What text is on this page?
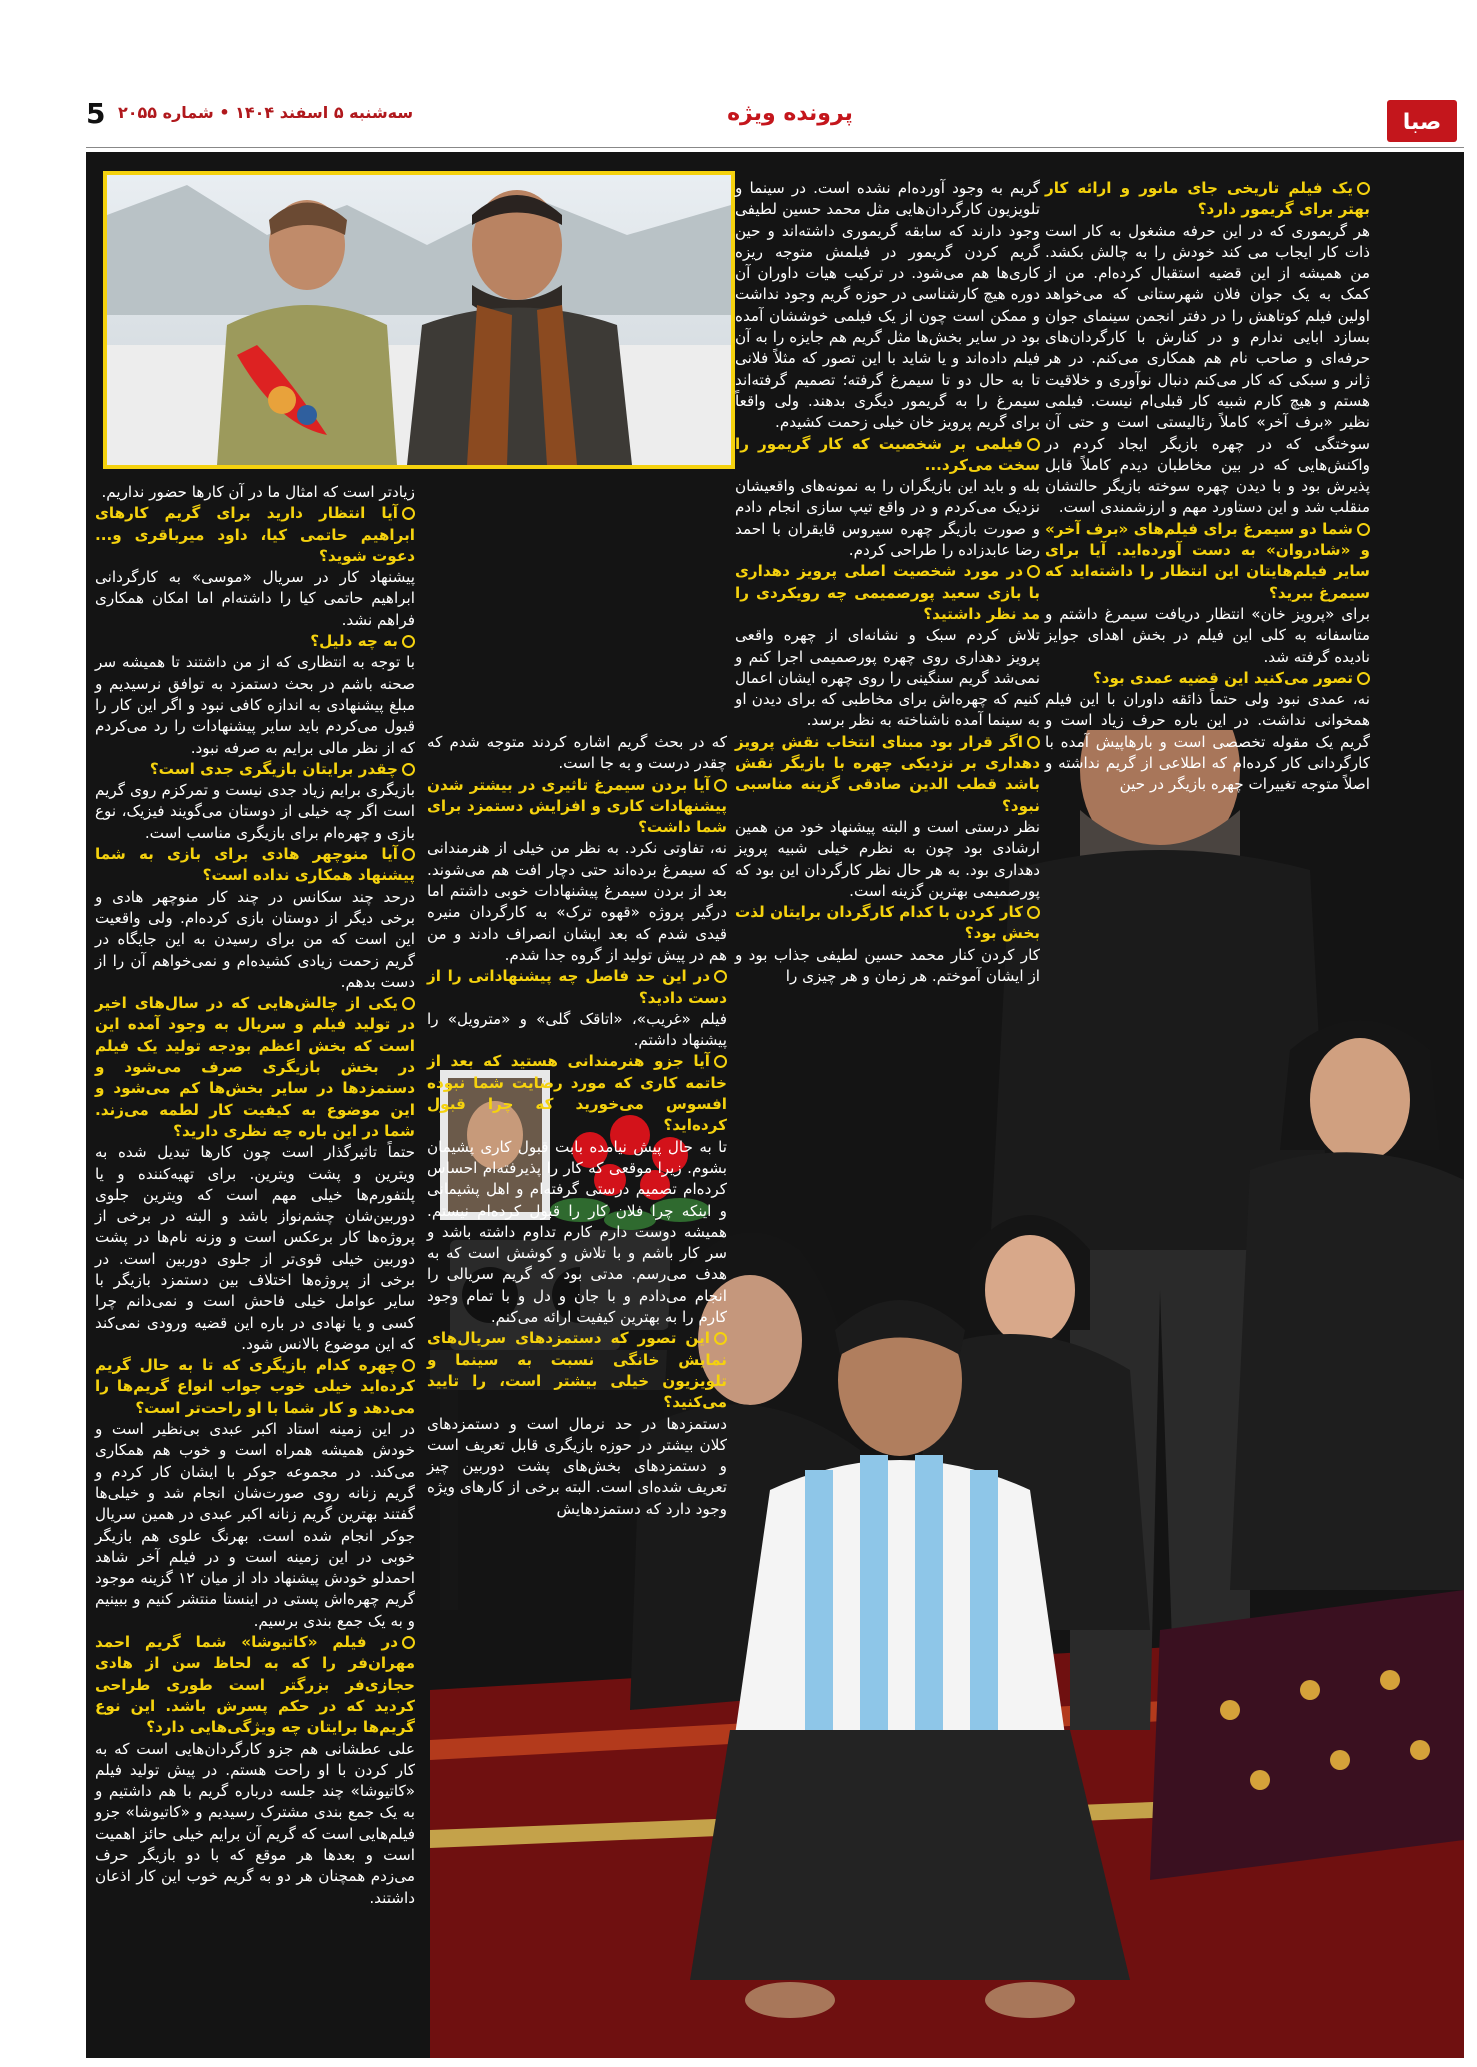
صبا
پرونده ویژه
سه‌شنبه ۵ اسفند ۱۴۰۴ • شماره ۲۰۵۵
5

یک فیلم تاریخی جای مانور و ارائه کار بهتر برای گریمور دارد؟

هر گریموری که در این حرفه مشغول به کار است ذات کار ایجاب می کند خودش را به چالش بکشد. من همیشه از این قضیه استقبال کرده‌ام. من از کمک به یک جوان فلان شهرستانی که می‌خواهد اولین فیلم کوتاهش را در دفتر انجمن سینمای جوان بسازد ابایی ندارم و در کنارش با کارگردان‌های حرفه‌ای و صاحب نام هم همکاری می‌کنم. در هر ژانر و سبکی که کار می‌کنم دنبال نوآوری و خلاقیت هستم و هیچ کارم شبیه کار قبلی‌ام نیست. فیلمی نظیر «برف آخر» کاملاً رئالیستی است و حتی آن سوختگی که در چهره بازیگر ایجاد کردم در واکنش‌هایی که در بین مخاطبان دیدم کاملاً قابل پذیرش بود و با دیدن چهره سوخته بازیگر حالتشان منقلب شد و این دستاورد مهم و ارزشمندی است.

شما دو سیمرغ برای فیلم‌های «برف آخر» و «شادروان» به دست آورده‌اید. آیا برای سایر فیلم‌هایتان این انتظار را داشته‌اید که سیمرغ ببرید؟

برای «پرویز خان» انتظار دریافت سیمرغ داشتم و متاسفانه به کلی این فیلم در بخش اهدای جوایز نادیده گرفته شد.

تصور می‌کنید این قضیه عمدی بود؟

نه، عمدی نبود ولی حتماً ذائقه داوران با این فیلم همخوانی نداشت. در این باره حرف زیاد است و گریم یک مقوله تخصصی است و بارهاپیش آمده با کارگردانی کار کرده‌ام که اطلاعی از گریم نداشته و اصلاً متوجه تغییرات چهره بازیگر در حین

گریم به وجود آورده‌ام نشده است. در سینما و تلویزیون کارگردان‌هایی مثل محمد حسین لطیفی وجود دارند که سابقه گریموری داشته‌اند و حین گریم کردن گریمور در فیلمش متوجه ریزه کاری‌ها هم می‌شود. در ترکیب هیات داوران آن دوره هیچ کارشناسی در حوزه گریم وجود نداشت و ممکن است چون از یک فیلمی خوششان آمده بود در سایر بخش‌ها مثل گریم هم جایزه را به آن فیلم داده‌اند و یا شاید با این تصور که مثلاً فلانی تا به حال دو تا سیمرغ گرفته؛ تصمیم گرفته‌اند سیمرغ را به گریمور دیگری بدهند. ولی واقعاً برای گریم پرویز خان خیلی زحمت کشیدم.

فیلمی بر شخصیت که کار گریمور را سخت می‌کرد...

بله و باید این بازیگران را به نمونه‌های واقعیشان نزدیک می‌کردم و در واقع تیپ سازی انجام دادم و صورت بازیگر چهره سیروس قایقران با احمد رضا عابدزاده را طراحی کردم.

در مورد شخصیت اصلی پرویز دهداری با بازی سعید پورصمیمی چه رویکردی را مد نظر داشتید؟

تلاش کردم سبک و نشانه‌ای از چهره واقعی پرویز دهداری روی چهره پورصمیمی اجرا کنم و نمی‌شد گریم سنگینی را روی چهره ایشان اعمال کنیم که چهره‌اش برای مخاطبی که برای دیدن او به سینما آمده ناشناخته به نظر برسد.

اگر قرار بود مبنای انتخاب نقش پرویز دهداری بر نزدیکی چهره با بازیگر نقش باشد قطب الدین صادقی گزینه مناسبی نبود؟

نظر درستی است و البته پیشنهاد خود من همین ارشادی بود چون به نظرم خیلی شبیه پرویز دهداری بود. به هر حال نظر کارگردان این بود که پورصمیمی بهترین گزینه است.

کار کردن با کدام کارگردان برایتان لذت بخش بود؟

کار کردن کنار محمد حسین لطیفی جذاب بود و از ایشان آموختم. هر زمان و هر چیزی را

که در بحث گریم اشاره کردند متوجه شدم که چقدر درست و به جا است.

آیا بردن سیمرغ تاثیری در بیشتر شدن پیشنهادات کاری و افزایش دستمزد برای شما داشت؟

نه، تفاوتی نکرد. به نظر من خیلی از هنرمندانی که سیمرغ برده‌اند حتی دچار افت هم می‌شوند. بعد از بردن سیمرغ پیشنهادات خوبی داشتم اما درگیر پروژه «قهوه ترک» به کارگردان منیره قیدی شدم که بعد ایشان انصراف دادند و من هم در پیش تولید از گروه جدا شدم.

در این حد فاصل چه پیشنهاداتی را از دست دادید؟

فیلم «غریب»، «اتاقک گلی» و «مترویل» را پیشنهاد داشتم.

آیا جزو هنرمندانی هستید که بعد از خاتمه کاری که مورد رضایت شما نبوده افسوس می‌خورید که چرا قبول کرده‌اید؟

تا به حال پیش نیامده بابت قبول کاری پشیمان بشوم. زیرا موقعی که کار را پذیرفته‌ام احساس کرده‌ام تصمیم درستی گرفته‌ام و اهل پشیمانی و اینکه چرا فلان کار را قبول کرده‌ام نیستم. همیشه دوست دارم کارم تداوم داشته باشد و سر کار باشم و با تلاش و کوشش است که به هدف می‌رسم. مدتی بود که گریم سریالی را انجام می‌دادم و با جان و دل و با تمام وجود کارم را به بهترین کیفیت ارائه می‌کنم.

این تصور که دستمزدهای سریال‌های نمایش خانگی نسبت به سینما و تلویزیون خیلی بیشتر است، را تایید می‌کنید؟

دستمزدها در حد نرمال است و دستمزدهای کلان بیشتر در حوزه بازیگری قابل تعریف است و دستمزدهای بخش‌های پشت دوربین چیز تعریف شده‌ای است. البته برخی از کارهای ویژه وجود دارد که دستمزدهایش

زیادتر است که امثال ما در آن کارها حضور نداریم.

آیا انتظار دارید برای گریم کارهای ابراهیم حاتمی کیا، داود میرباقری و... دعوت شوید؟

پیشنهاد کار در سریال «موسی» به کارگردانی ابراهیم حاتمی کیا را داشته‌ام اما امکان همکاری فراهم نشد.

به چه دلیل؟

با توجه به انتظاری که از من داشتند تا همیشه سر صحنه باشم در بحث دستمزد به توافق نرسیدیم و مبلغ پیشنهادی به اندازه کافی نبود و اگر این کار را قبول می‌کردم باید سایر پیشنهادات را رد می‌کردم که از نظر مالی برایم به صرفه نبود.

چقدر برایتان بازیگری جدی است؟

بازیگری برایم زیاد جدی نیست و تمرکزم روی گریم است اگر چه خیلی از دوستان می‌گویند فیزیک، نوع بازی و چهره‌ام برای بازیگری مناسب است.

آیا منوچهر هادی برای بازی به شما پیشنهاد همکاری نداده است؟

درحد چند سکانس در چند کار منوچهر هادی و برخی دیگر از دوستان بازی کرده‌ام. ولی واقعیت این است که من برای رسیدن به این جایگاه در گریم زحمت زیادی کشیده‌ام و نمی‌خواهم آن را از دست بدهم.

یکی از چالش‌هایی که در سال‌های اخیر در تولید فیلم و سریال به وجود آمده این است که بخش اعظم بودجه تولید یک فیلم در بخش بازیگری صرف می‌شود و دستمزدها در سایر بخش‌ها کم می‌شود و این موضوع به کیفیت کار لطمه می‌زند. شما در این باره چه نظری دارید؟

حتماً تاثیرگذار است چون کارها تبدیل شده به ویترین و پشت ویترین. برای تهیه‌کننده و یا پلتفورم‌ها خیلی مهم است که ویترین جلوی دوربین‌شان چشم‌نواز باشد و البته در برخی از پروژه‌ها کار برعکس است و وزنه نام‌ها در پشت دوربین خیلی قوی‌تر از جلوی دوربین است. در برخی از پروژه‌ها اختلاف بین دستمزد بازیگر با سایر عوامل خیلی فاحش است و نمی‌دانم چرا کسی و یا نهادی در باره این قضیه ورودی نمی‌کند که این موضوع بالانس شود.

چهره کدام بازیگری که تا به حال گریم کرده‌اید خیلی خوب جواب انواع گریم‌ها را می‌دهد و کار شما با او راحت‌تر است؟

در این زمینه استاد اکبر عبدی بی‌نظیر است و خودش همیشه همراه است و خوب هم همکاری می‌کند. در مجموعه جوکر با ایشان کار کردم و گریم زنانه روی صورت‌شان انجام شد و خیلی‌ها گفتند بهترین گریم زنانه اکبر عبدی در همین سریال جوکر انجام شده است. بهرنگ علوی هم بازیگر خوبی در این زمینه است و در فیلم آخر شاهد احمدلو خودش پیشنهاد داد از میان ۱۲ گزینه موجود گریم چهره‌اش پستی در اینستا منتشر کنیم و ببینیم و به یک جمع بندی برسیم.

در فیلم «کاتیوشا» شما گریم احمد مهران‌فر را که به لحاظ سن از هادی حجازی‌فر بزرگتر است طوری طراحی کردید که در حکم پسرش باشد. این نوع گریم‌ها برایتان چه ویژگی‌هایی دارد؟

علی عطشانی هم جزو کارگردان‌هایی است که به کار کردن با او راحت هستم. در پیش تولید فیلم «کاتیوشا» چند جلسه درباره گریم با هم داشتیم و به یک جمع بندی مشترک رسیدیم و «کاتیوشا» جزو فیلم‌هایی است که گریم آن برایم خیلی حائز اهمیت است و بعدها هر موقع که با دو بازیگر حرف می‌زدم همچنان هر دو به گریم خوب این کار اذعان داشتند.
